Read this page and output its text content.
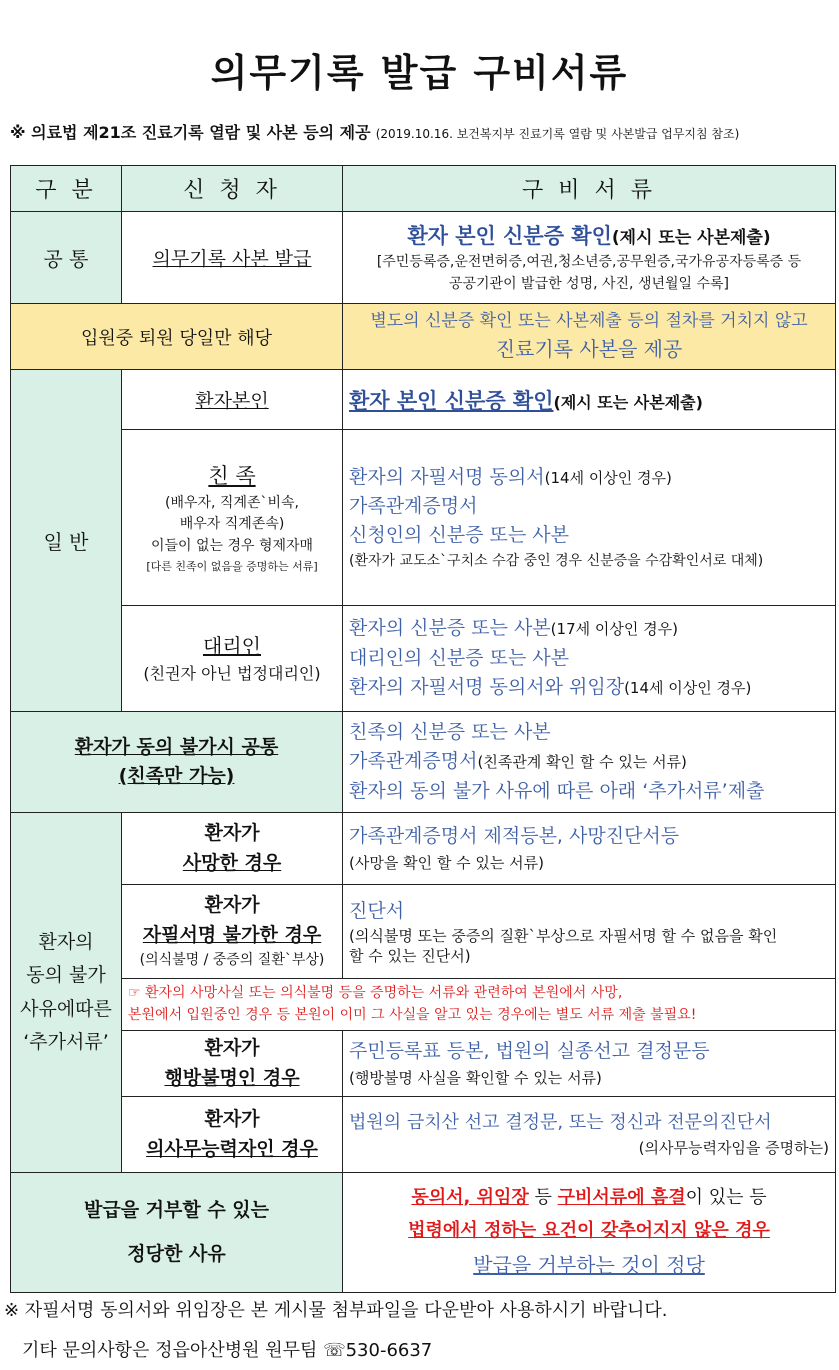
의무기록 발급 구비서류
※ 의료법 제21조 진료기록 열람 및 사본 등의 제공 (2019.10.16. 보건복지부 진료기록 열람 및 사본발급 업무지침 참조)
구 분	신 청 자	구 비 서 류
공 통	의무기록 사본 발급	환자 본인 신분증 확인(제시 또는 사본제출)
[주민등록증,운전면허증,여권,청소년증,공무원증,국가유공자등록증 등
공공기관이 발급한 성명, 사진, 생년월일 수록]

입원중 퇴원 당일만 해당		별도의 신분증 확인 또는 사본제출 등의 절차를 거치지 않고
진료기록 사본을 제공

일 반	환자본인	환자 본인 신분증 확인(제시 또는 사본제출)

	친 족
(배우자, 직계존`비속,
배우자 직계존속)
이들이 없는 경우 형제자매
[다른 친족이 없음을 증명하는 서류]	환자의 자필서명 동의서(14세 이상인 경우)
가족관계증명서
신청인의 신분증 또는 사본
(환자가 교도소`구치소 수감 중인 경우 신분증을 수감확인서로 대체)

	대리인
(친권자 아닌 법정대리인)	환자의 신분증 또는 사본(17세 이상인 경우)
대리인의 신분증 또는 사본
환자의 자필서명 동의서와 위임장(14세 이상인 경우)

환자가 동의 불가시 공통
(친족만 가능)		친족의 신분증 또는 사본
가족관계증명서(친족관계 확인 할 수 있는 서류)
환자의 동의 불가 사유에 따른 아래 ‘추가서류’제출

환자의
동의 불가
사유에따른
‘추가서류’	환자가
사망한 경우	가족관계증명서 제적등본, 사망진단서등
(사망을 확인 할 수 있는 서류)

	환자가
자필서명 불가한 경우
(의식불명 / 중증의 질환`부상)	진단서
(의식불명 또는 중증의 질환`부상으로 자필서명 할 수 없음을 확인
할 수 있는 진단서)

	☞ 환자의 사망사실 또는 의식불명 등을 증명하는 서류와 관련하여 본원에서 사망,
본원에서 입원중인 경우 등 본원이 이미 그 사실을 알고 있는 경우에는 별도 서류 제출 불필요!	

	환자가
행방불명인 경우	주민등록표 등본, 법원의 실종선고 결정문등
(행방불명 사실을 확인할 수 있는 서류)

	환자가
의사무능력자인 경우	법원의 금치산 선고 결정문, 또는 정신과 전문의진단서
(의사무능력자임을 증명하는)

발급을 거부할 수 있는
정당한 사유		동의서, 위임장 등 구비서류에 흠결이 있는 등
법령에서 정하는 요건이 갖추어지지 않은 경우
발급을 거부하는 것이 정당
※ 자필서명 동의서와 위임장은 본 게시물 첨부파일을 다운받아 사용하시기 바랍니다.
기타 문의사항은 정읍아산병원 원무팀 ☏530-6637
